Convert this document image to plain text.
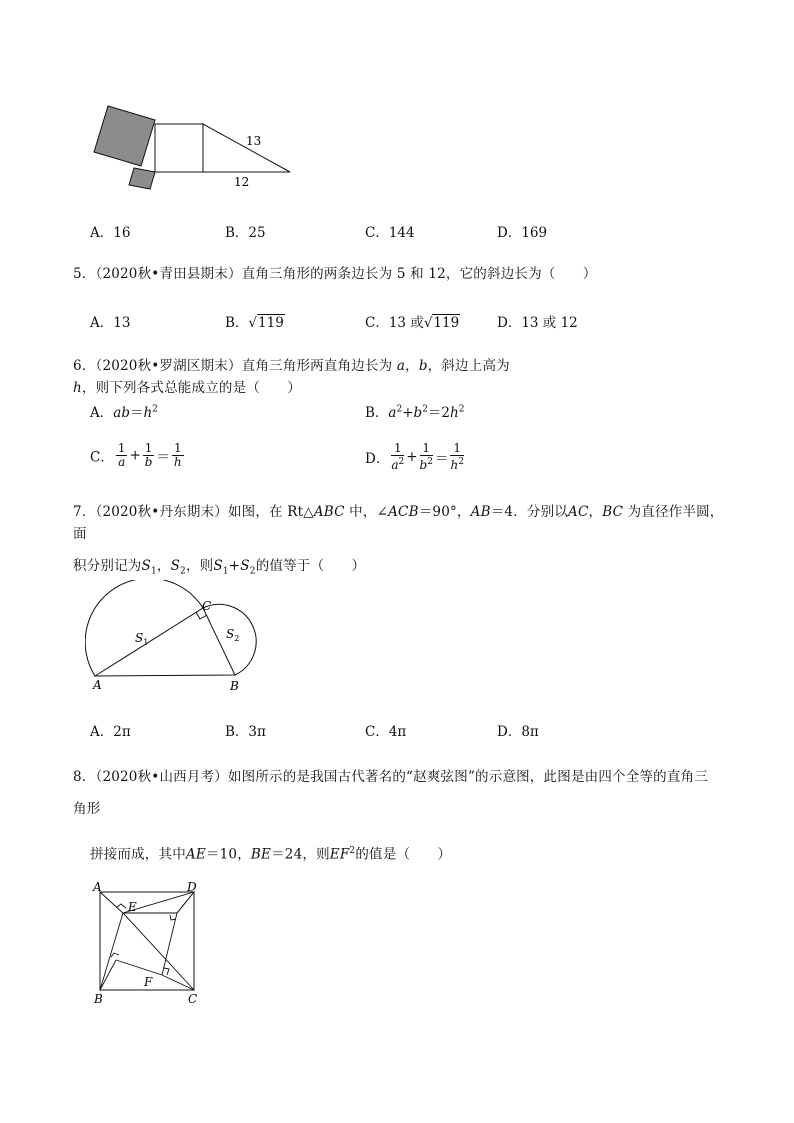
13
12
A．16	B．25	C．144	D．169
5．（2020秋•青田县期末）直角三角形的两条边长为 5 和 12，它的斜边长为（　　）
A．13	B．√119	C．13 或√119	D．13 或 12
6．（2020秋•罗湖区期末）直角三角形两直角边长为 a，b，斜边上高为h，则下列各式总能成立的是（　　）
A．$ab=h^2$	B．$a^2+b^2=2h^2$
C． $\frac{1}{a} + \frac{1}{b} = \frac{1}{h}$	D． $\frac{1}{a^2} + \frac{1}{b^2} = \frac{1}{h^2}$
7．（2020秋•丹东期末）如图，在 Rt△ABC 中，∠ACB＝90°，AB＝4．分别以AC，BC 为直径作半圆，面
积分别记为$S_1$，$S_2$，则$S_1+S_2$的值等于（　　）
A	B
C
$S_1$
$S_2$
A．2π	B．3π	C．4π	D．8π
8．（2020秋•山西月考）如图所示的是我国古代著名的“赵爽弦图”的示意图，此图是由四个全等的直角三
角形
拼接而成，其中AE＝10，BE＝24，则$EF^2$的值是（　　）
A	D
B	C
E
F
